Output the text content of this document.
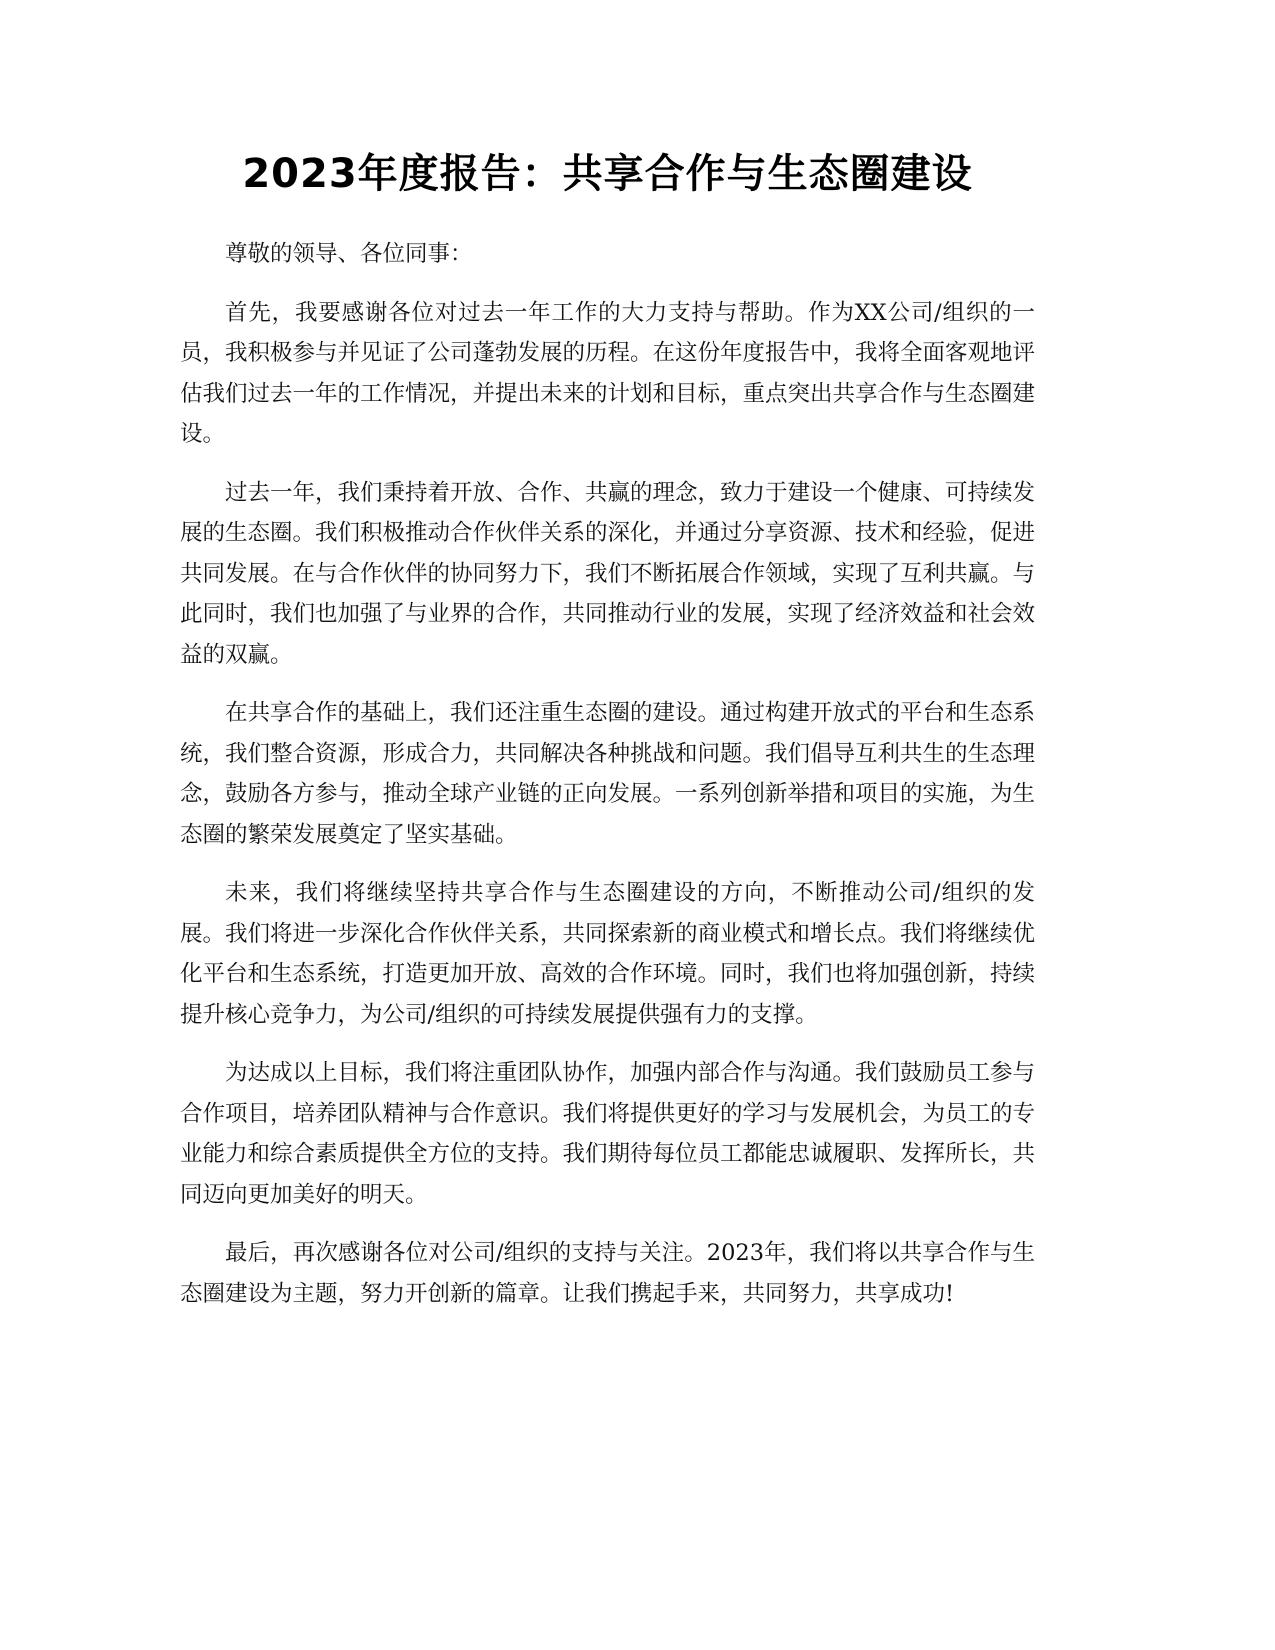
2023年度报告：共享合作与生态圈建设

尊敬的领导、各位同事：

首先，我要感谢各位对过去一年工作的大力支持与帮助。作为XX公司/组织的一员，我积极参与并见证了公司蓬勃发展的历程。在这份年度报告中，我将全面客观地评估我们过去一年的工作情况，并提出未来的计划和目标，重点突出共享合作与生态圈建设。

过去一年，我们秉持着开放、合作、共赢的理念，致力于建设一个健康、可持续发展的生态圈。我们积极推动合作伙伴关系的深化，并通过分享资源、技术和经验，促进共同发展。在与合作伙伴的协同努力下，我们不断拓展合作领域，实现了互利共赢。与此同时，我们也加强了与业界的合作，共同推动行业的发展，实现了经济效益和社会效益的双赢。

在共享合作的基础上，我们还注重生态圈的建设。通过构建开放式的平台和生态系统，我们整合资源，形成合力，共同解决各种挑战和问题。我们倡导互利共生的生态理念，鼓励各方参与，推动全球产业链的正向发展。一系列创新举措和项目的实施，为生态圈的繁荣发展奠定了坚实基础。

未来，我们将继续坚持共享合作与生态圈建设的方向，不断推动公司/组织的发展。我们将进一步深化合作伙伴关系，共同探索新的商业模式和增长点。我们将继续优化平台和生态系统，打造更加开放、高效的合作环境。同时，我们也将加强创新，持续提升核心竞争力，为公司/组织的可持续发展提供强有力的支撑。

为达成以上目标，我们将注重团队协作，加强内部合作与沟通。我们鼓励员工参与合作项目，培养团队精神与合作意识。我们将提供更好的学习与发展机会，为员工的专业能力和综合素质提供全方位的支持。我们期待每位员工都能忠诚履职、发挥所长，共同迈向更加美好的明天。

最后，再次感谢各位对公司/组织的支持与关注。2023年，我们将以共享合作与生态圈建设为主题，努力开创新的篇章。让我们携起手来，共同努力，共享成功!
